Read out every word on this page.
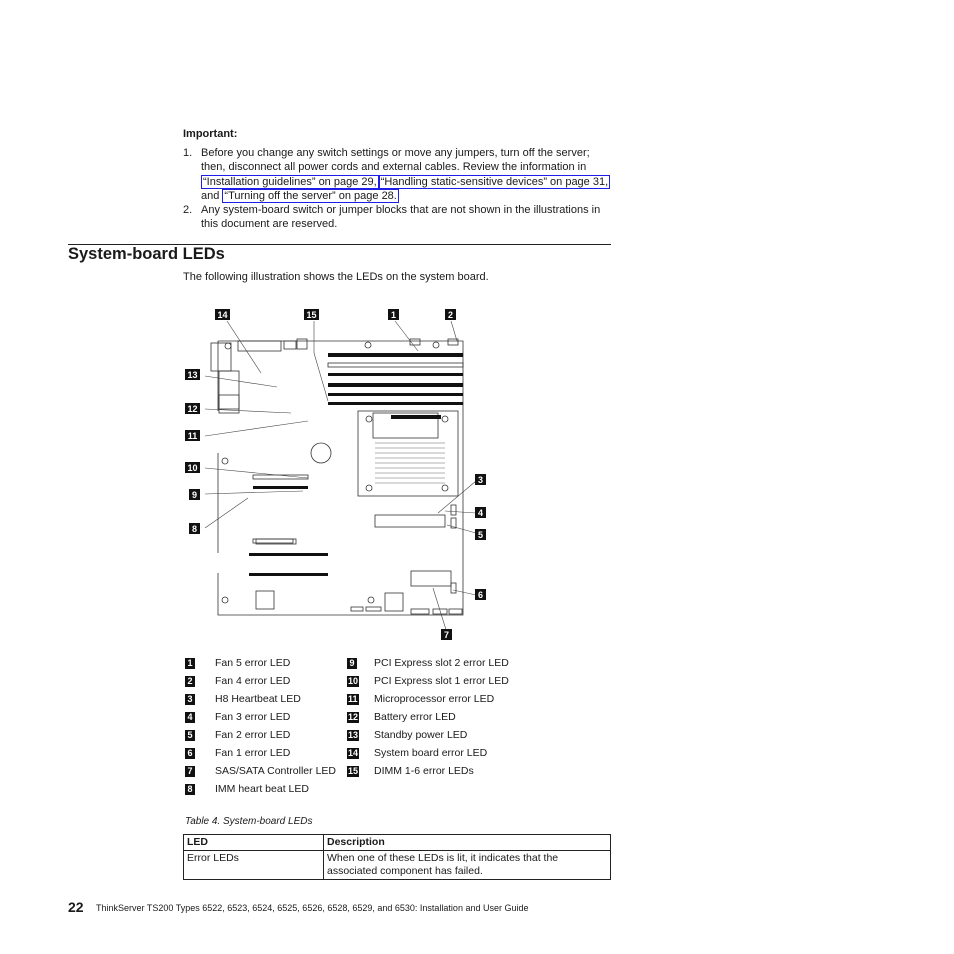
Important:
1. Before you change any switch settings or move any jumpers, turn off the server; then, disconnect all power cords and external cables. Review the information in “Installation guidelines” on page 29, “Handling static-sensitive devices” on page 31, and “Turning off the server” on page 28.
2. Any system-board switch or jumper blocks that are not shown in the illustrations in this document are reserved.
System-board LEDs
The following illustration shows the LEDs on the system board.
14	15	1	2
13
12
11
10
9
8
3
4
5
6
7
1 Fan 5 error LED
2 Fan 4 error LED
3 H8 Heartbeat LED
4 Fan 3 error LED
5 Fan 2 error LED
6 Fan 1 error LED
7 SAS/SATA Controller LED
8 IMM heart beat LED
9 PCI Express slot 2 error LED
10 PCI Express slot 1 error LED
11 Microprocessor error LED
12 Battery error LED
13 Standby power LED
14 System board error LED
15 DIMM 1-6 error LEDs
Table 4. System-board LEDs
LED	Description
Error LEDs	When one of these LEDs is lit, it indicates that the associated component has failed.
22 ThinkServer TS200 Types 6522, 6523, 6524, 6525, 6526, 6528, 6529, and 6530: Installation and User Guide
